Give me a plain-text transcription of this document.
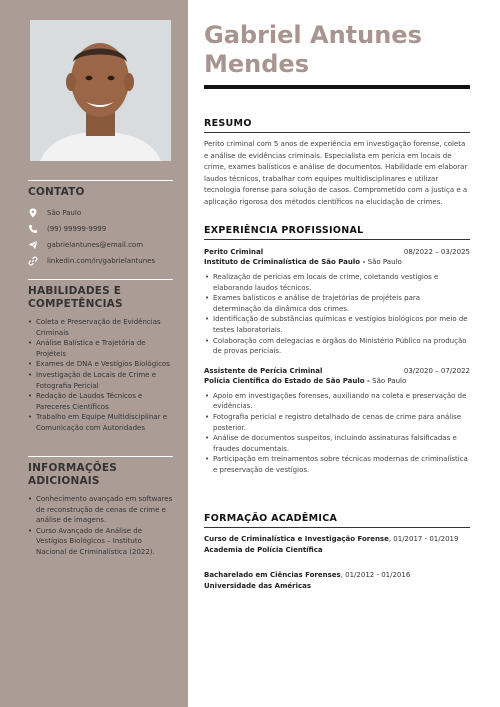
CONTATO
São Paulo
(99) 99999-9999
gabrielantunes@email.com
linkedin.com/in/gabrielantunes
HABILIDADES E COMPETÊNCIAS
• Coleta e Preservação de Evidências Criminais
• Análise Balística e Trajetória de Projéteis
• Exames de DNA e Vestígios Biológicos
• Investigação de Locais de Crime e Fotografia Pericial
• Redação de Laudos Técnicos e Pareceres Científicos
• Trabalho em Equipe Multidisciplinar e Comunicação com Autoridades
INFORMAÇÕES ADICIONAIS
• Conhecimento avançado em softwares de reconstrução de cenas de crime e análise de imagens.
• Curso Avançado de Análise de Vestígios Biológicos – Instituto Nacional de Criminalística (2022).
Gabriel Antunes Mendes
RESUMO
Perito criminal com 5 anos de experiência em investigação forense, coleta e análise de evidências criminais. Especialista em perícia em locais de crime, exames balísticos e análise de documentos. Habilidade em elaborar laudos técnicos, trabalhar com equipes multidisciplinares e utilizar tecnologia forense para solução de casos. Comprometido com a justiça e a aplicação rigorosa dos métodos científicos na elucidação de crimes.
EXPERIÊNCIA PROFISSIONAL
Perito Criminal	08/2022 – 03/2025
Instituto de Criminalística de São Paulo - São Paulo
• Realização de perícias em locais de crime, coletando vestígios e elaborando laudos técnicos.
• Exames balísticos e análise de trajetórias de projéteis para determinação da dinâmica dos crimes.
• Identificação de substâncias químicas e vestígios biológicos por meio de testes laboratoriais.
• Colaboração com delegacias e órgãos do Ministério Público na produção de provas periciais.
Assistente de Perícia Criminal	03/2020 – 07/2022
Polícia Científica do Estado de São Paulo - São Paulo
• Apoio em investigações forenses, auxiliando na coleta e preservação de evidências.
• Fotografia pericial e registro detalhado de cenas de crime para análise posterior.
• Análise de documentos suspeitos, incluindo assinaturas falsificadas e fraudes documentais.
• Participação em treinamentos sobre técnicas modernas de criminalística e preservação de vestígios.
FORMAÇÃO ACADÊMICA
Curso de Criminalística e Investigação Forense, 01/2017 - 01/2019
Academia de Polícia Científica
Bacharelado em Ciências Forenses, 01/2012 - 01/2016
Universidade das Américas
